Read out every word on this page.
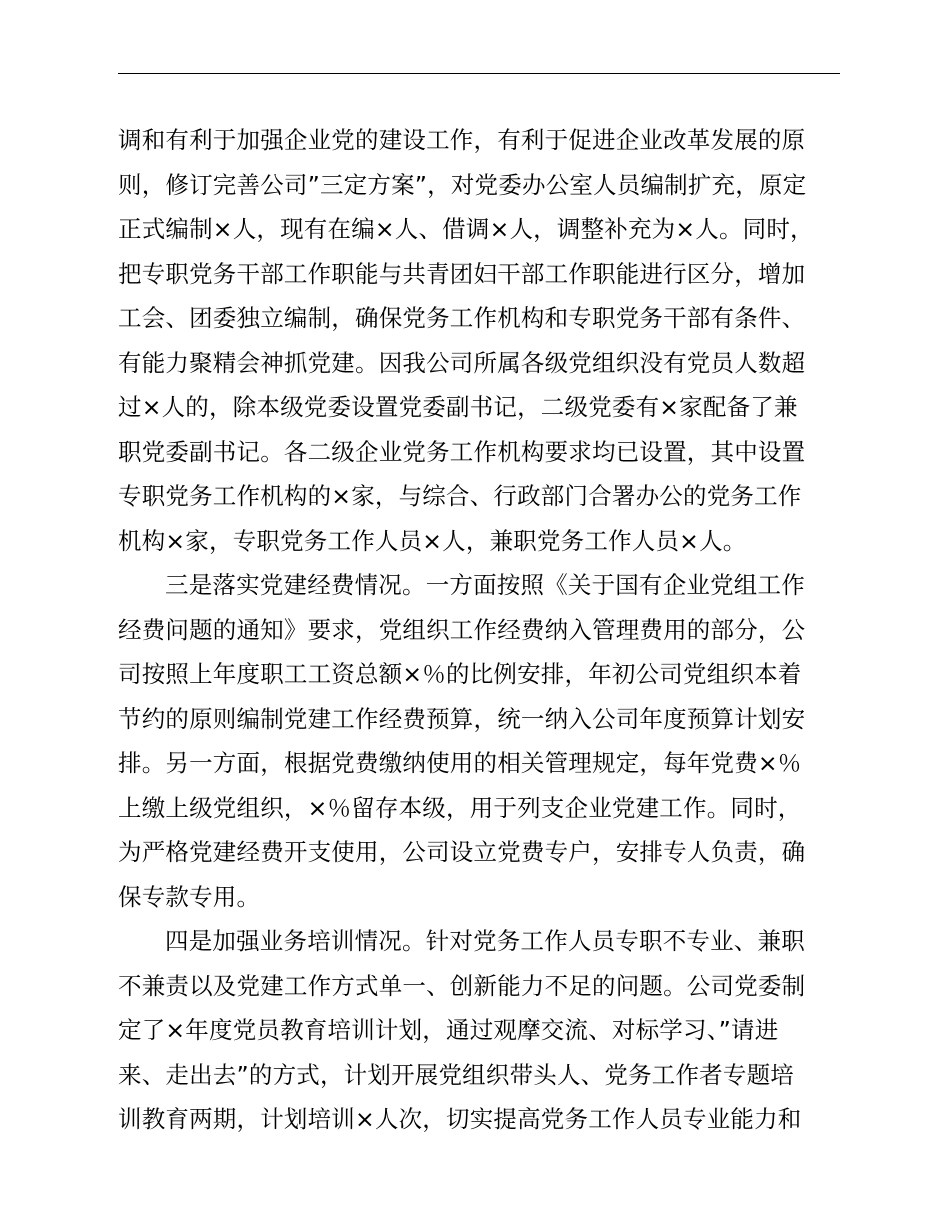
调和有利于加强企业党的建设工作，有利于促进企业改革发展的原
则，修订完善公司”三定方案”，对党委办公室人员编制扩充，原定
正式编制×人，现有在编×人、借调×人，调整补充为×人。同时，
把专职党务干部工作职能与共青团妇干部工作职能进行区分，增加
工会、团委独立编制，确保党务工作机构和专职党务干部有条件、
有能力聚精会神抓党建。因我公司所属各级党组织没有党员人数超
过×人的，除本级党委设置党委副书记，二级党委有×家配备了兼
职党委副书记。各二级企业党务工作机构要求均已设置，其中设置
专职党务工作机构的×家，与综合、行政部门合署办公的党务工作
机构×家，专职党务工作人员×人，兼职党务工作人员×人。
三是落实党建经费情况。一方面按照《关于国有企业党组工作
经费问题的通知》要求，党组织工作经费纳入管理费用的部分，公
司按照上年度职工工资总额×％的比例安排，年初公司党组织本着
节约的原则编制党建工作经费预算，统一纳入公司年度预算计划安
排。另一方面，根据党费缴纳使用的相关管理规定，每年党费×％
上缴上级党组织，×％留存本级，用于列支企业党建工作。同时，
为严格党建经费开支使用，公司设立党费专户，安排专人负责，确
保专款专用。
四是加强业务培训情况。针对党务工作人员专职不专业、兼职
不兼责以及党建工作方式单一、创新能力不足的问题。公司党委制
定了×年度党员教育培训计划，通过观摩交流、对标学习、”请进
来、走出去”的方式，计划开展党组织带头人、党务工作者专题培
训教育两期，计划培训×人次，切实提高党务工作人员专业能力和
